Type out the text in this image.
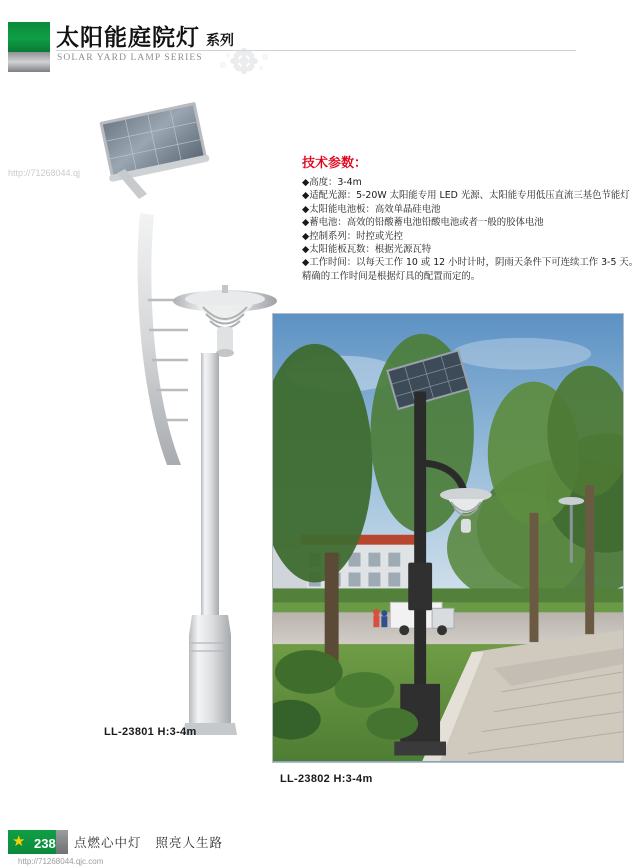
太阳能庭院灯 系列
SOLAR YARD LAMP SERIES
http://71268044.qj
LL-23801 H:3-4m
技术参数：
◆高度：3-4m
◆适配光源：5-20W 太阳能专用 LED 光源、太阳能专用低压直流三基色节能灯
◆太阳能电池板：高效单晶硅电池
◆蓄电池：高效的铅酸蓄电池铅酸电池或者一般的胶体电池
◆控制系列：时控或光控
◆太阳能板瓦数：根据光源瓦特
◆工作时间：以每天工作 10 或 12 小时计时，阴雨天条件下可连续工作 3-5 天。
精确的工作时间是根据灯具的配置而定的。
LL-23802 H:3-4m
★ 238 点燃心中灯 照亮人生路
http://71268044.qjc.com
